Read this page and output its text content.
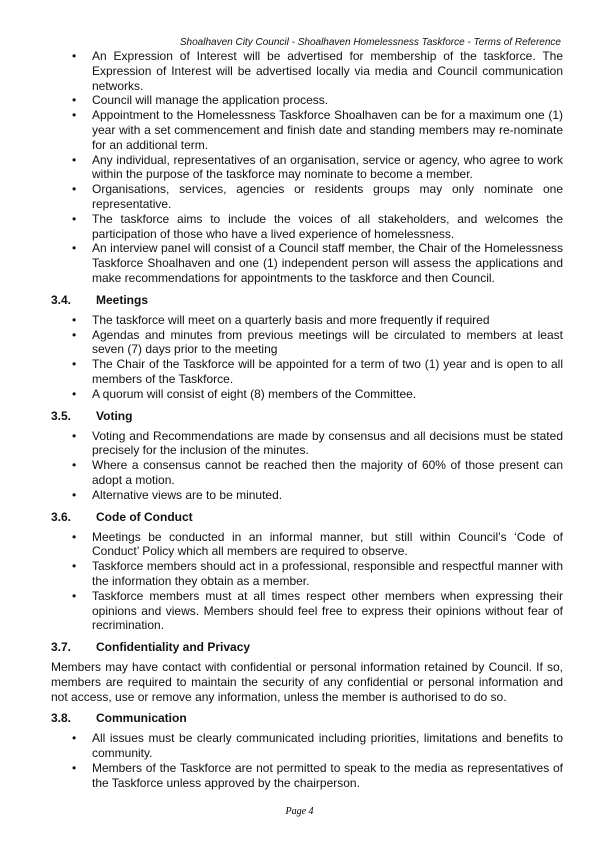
Shoalhaven City Council - Shoalhaven Homelessness Taskforce - Terms of Reference
• An Expression of Interest will be advertised for membership of the taskforce. The Expression of Interest will be advertised locally via media and Council communication networks.
• Council will manage the application process.
• Appointment to the Homelessness Taskforce Shoalhaven can be for a maximum one (1) year with a set commencement and finish date and standing members may re-nominate for an additional term.
• Any individual, representatives of an organisation, service or agency, who agree to work within the purpose of the taskforce may nominate to become a member.
• Organisations, services, agencies or residents groups may only nominate one representative.
• The taskforce aims to include the voices of all stakeholders, and welcomes the participation of those who have a lived experience of homelessness.
• An interview panel will consist of a Council staff member, the Chair of the Homelessness Taskforce Shoalhaven and one (1) independent person will assess the applications and make recommendations for appointments to the taskforce and then Council.
3.4.	Meetings
• The taskforce will meet on a quarterly basis and more frequently if required
• Agendas and minutes from previous meetings will be circulated to members at least seven (7) days prior to the meeting
• The Chair of the Taskforce will be appointed for a term of two (1) year and is open to all members of the Taskforce.
• A quorum will consist of eight (8) members of the Committee.
3.5.	Voting
• Voting and Recommendations are made by consensus and all decisions must be stated precisely for the inclusion of the minutes.
• Where a consensus cannot be reached then the majority of 60% of those present can adopt a motion.
• Alternative views are to be minuted.
3.6.	Code of Conduct
• Meetings be conducted in an informal manner, but still within Council’s ‘Code of Conduct’ Policy which all members are required to observe.
• Taskforce members should act in a professional, responsible and respectful manner with the information they obtain as a member.
• Taskforce members must at all times respect other members when expressing their opinions and views. Members should feel free to express their opinions without fear of recrimination.
3.7.	Confidentiality and Privacy

Members may have contact with confidential or personal information retained by Council. If so, members are required to maintain the security of any confidential or personal information and not access, use or remove any information, unless the member is authorised to do so.

3.8.	Communication
• All issues must be clearly communicated including priorities, limitations and benefits to community.
• Members of the Taskforce are not permitted to speak to the media as representatives of the Taskforce unless approved by the chairperson.
Page 4
